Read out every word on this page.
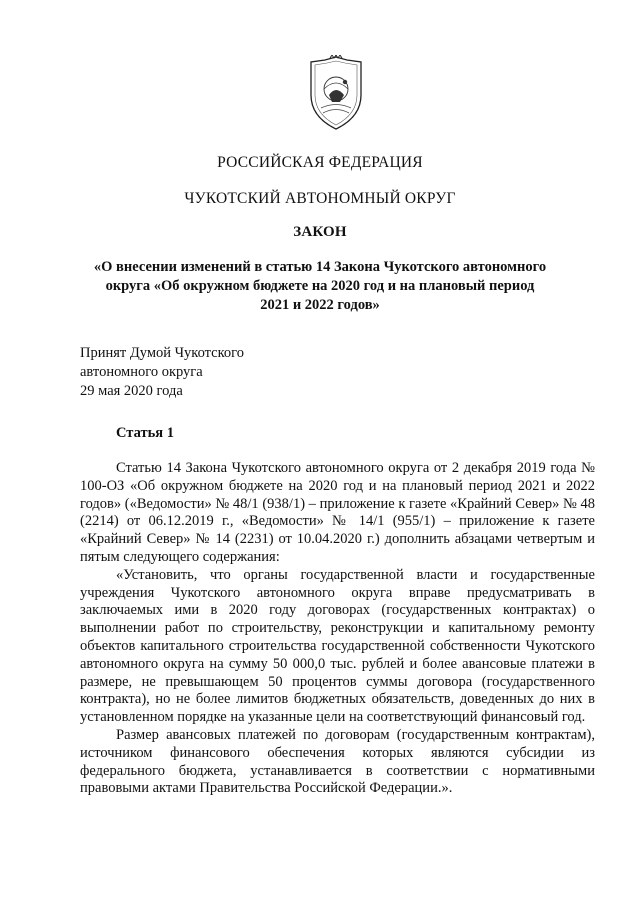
РОССИЙСКАЯ ФЕДЕРАЦИЯ
ЧУКОТСКИЙ АВТОНОМНЫЙ ОКРУГ
ЗАКОН
«О внесении изменений в статью 14 Закона Чукотского автономного
округа «Об окружном бюджете на 2020 год и на плановый период
2021 и 2022 годов»
Принят Думой Чукотского
автономного округа
29 мая 2020 года
Статья 1

Статью 14 Закона Чукотского автономного округа от 2 декабря 2019 года № 100-ОЗ «Об окружном бюджете на 2020 год и на плановый период 2021 и 2022 годов» («Ведомости» № 48/1 (938/1) – приложение к газете «Крайний Север» № 48 (2214) от 06.12.2019 г., «Ведомости» № 14/1 (955/1) – приложение к газете «Крайний Север» № 14 (2231) от 10.04.2020 г.) дополнить абзацами четвертым и пятым следующего содержания:

«Установить, что органы государственной власти и государственные учреждения Чукотского автономного округа вправе предусматривать в заключаемых ими в 2020 году договорах (государственных контрактах) о выполнении работ по строительству, реконструкции и капитальному ремонту объектов капитального строительства государственной собственности Чукотского автономного округа на сумму 50 000,0 тыс. рублей и более авансовые платежи в размере, не превышающем 50 процентов суммы договора (государственного контракта), но не более лимитов бюджетных обязательств, доведенных до них в установленном порядке на указанные цели на соответствующий финансовый год.

Размер авансовых платежей по договорам (государственным контрактам), источником финансового обеспечения которых являются субсидии из федерального бюджета, устанавливается в соответствии с нормативными правовыми актами Правительства Российской Федерации.».
